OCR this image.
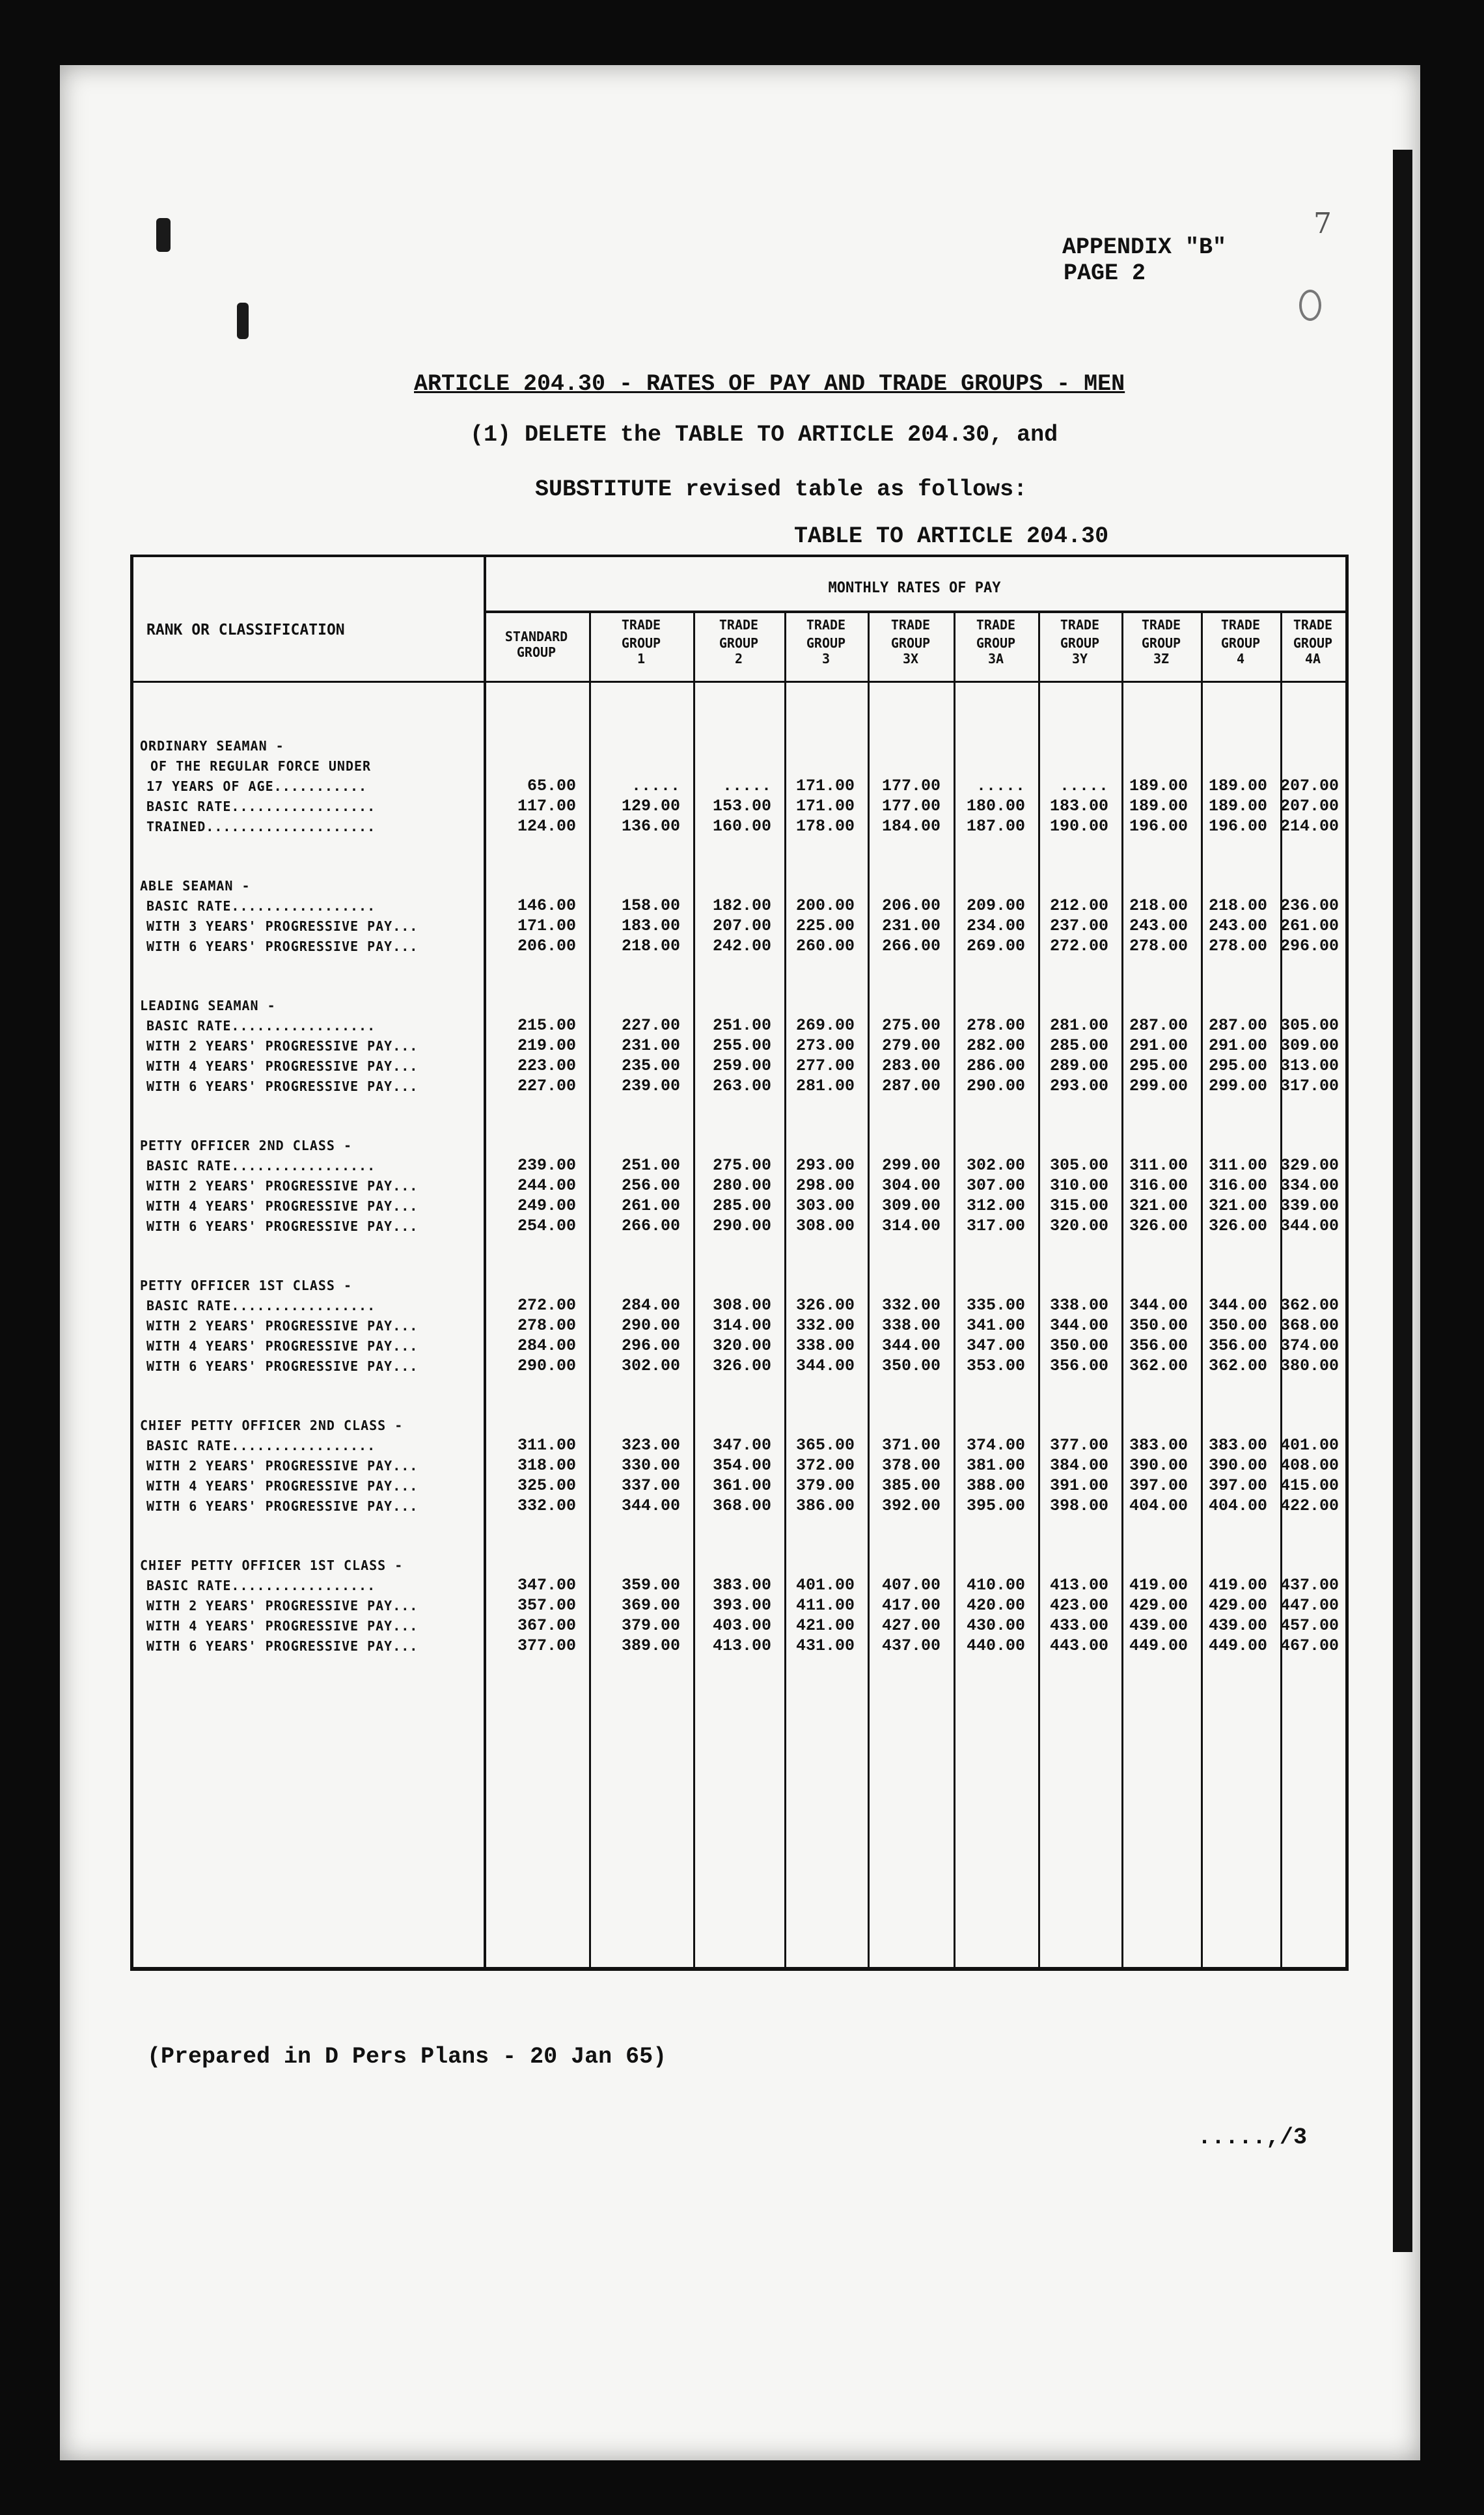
7
APPENDIX "B"
PAGE 2
ARTICLE 204.30 - RATES OF PAY AND TRADE GROUPS - MEN
(1) DELETE the TABLE TO ARTICLE 204.30, and
SUBSTITUTE revised table as follows:
TABLE TO ARTICLE 204.30
RANK OR CLASSIFICATION
MONTHLY RATES OF PAY
STANDARD
GROUP
TRADE
GROUP
1
TRADE
GROUP
2
TRADE
GROUP
3
TRADE
GROUP
3X
TRADE
GROUP
3A
TRADE
GROUP
3Y
TRADE
GROUP
3Z
TRADE
GROUP
4
TRADE
GROUP
4A
ORDINARY SEAMAN -
OF THE REGULAR FORCE UNDER
17 YEARS OF AGE...........	65.00	.....	.....	171.00	177.00	.....	.....	189.00	189.00 207.00
BASIC RATE.................	117.00	129.00	153.00	171.00	177.00	180.00	183.00	189.00	189.00 207.00
TRAINED....................	124.00	136.00	160.00	178.00	184.00	187.00	190.00	196.00	196.00 214.00
ABLE SEAMAN -
BASIC RATE.................	146.00	158.00	182.00	200.00	206.00	209.00	212.00	218.00	218.00 236.00
WITH 3 YEARS' PROGRESSIVE PAY...	171.00	183.00	207.00	225.00	231.00	234.00	237.00	243.00	243.00 261.00
WITH 6 YEARS' PROGRESSIVE PAY...	206.00	218.00	242.00	260.00	266.00	269.00	272.00	278.00	278.00 296.00
LEADING SEAMAN -
BASIC RATE.................	215.00	227.00	251.00	269.00	275.00	278.00	281.00	287.00	287.00 305.00
WITH 2 YEARS' PROGRESSIVE PAY...	219.00	231.00	255.00	273.00	279.00	282.00	285.00	291.00	291.00 309.00
WITH 4 YEARS' PROGRESSIVE PAY...	223.00	235.00	259.00	277.00	283.00	286.00	289.00	295.00	295.00 313.00
WITH 6 YEARS' PROGRESSIVE PAY...	227.00	239.00	263.00	281.00	287.00	290.00	293.00	299.00	299.00 317.00
PETTY OFFICER 2ND CLASS -
BASIC RATE.................	239.00	251.00	275.00	293.00	299.00	302.00	305.00	311.00	311.00 329.00
WITH 2 YEARS' PROGRESSIVE PAY...	244.00	256.00	280.00	298.00	304.00	307.00	310.00	316.00	316.00 334.00
WITH 4 YEARS' PROGRESSIVE PAY...	249.00	261.00	285.00	303.00	309.00	312.00	315.00	321.00	321.00 339.00
WITH 6 YEARS' PROGRESSIVE PAY...	254.00	266.00	290.00	308.00	314.00	317.00	320.00	326.00	326.00 344.00
PETTY OFFICER 1ST CLASS -
BASIC RATE.................	272.00	284.00	308.00	326.00	332.00	335.00	338.00	344.00	344.00 362.00
WITH 2 YEARS' PROGRESSIVE PAY...	278.00	290.00	314.00	332.00	338.00	341.00	344.00	350.00	350.00 368.00
WITH 4 YEARS' PROGRESSIVE PAY...	284.00	296.00	320.00	338.00	344.00	347.00	350.00	356.00	356.00 374.00
WITH 6 YEARS' PROGRESSIVE PAY...	290.00	302.00	326.00	344.00	350.00	353.00	356.00	362.00	362.00 380.00
CHIEF PETTY OFFICER 2ND CLASS -
BASIC RATE.................	311.00	323.00	347.00	365.00	371.00	374.00	377.00	383.00	383.00 401.00
WITH 2 YEARS' PROGRESSIVE PAY...	318.00	330.00	354.00	372.00	378.00	381.00	384.00	390.00	390.00 408.00
WITH 4 YEARS' PROGRESSIVE PAY...	325.00	337.00	361.00	379.00	385.00	388.00	391.00	397.00	397.00 415.00
WITH 6 YEARS' PROGRESSIVE PAY...	332.00	344.00	368.00	386.00	392.00	395.00	398.00	404.00	404.00 422.00
CHIEF PETTY OFFICER 1ST CLASS -
BASIC RATE.................	347.00	359.00	383.00	401.00	407.00	410.00	413.00	419.00	419.00 437.00
WITH 2 YEARS' PROGRESSIVE PAY...	357.00	369.00	393.00	411.00	417.00	420.00	423.00	429.00	429.00 447.00
WITH 4 YEARS' PROGRESSIVE PAY...	367.00	379.00	403.00	421.00	427.00	430.00	433.00	439.00	439.00 457.00
WITH 6 YEARS' PROGRESSIVE PAY...	377.00	389.00	413.00	431.00	437.00	440.00	443.00	449.00	449.00 467.00
(Prepared in D Pers Plans - 20 Jan 65)
.....,/3
